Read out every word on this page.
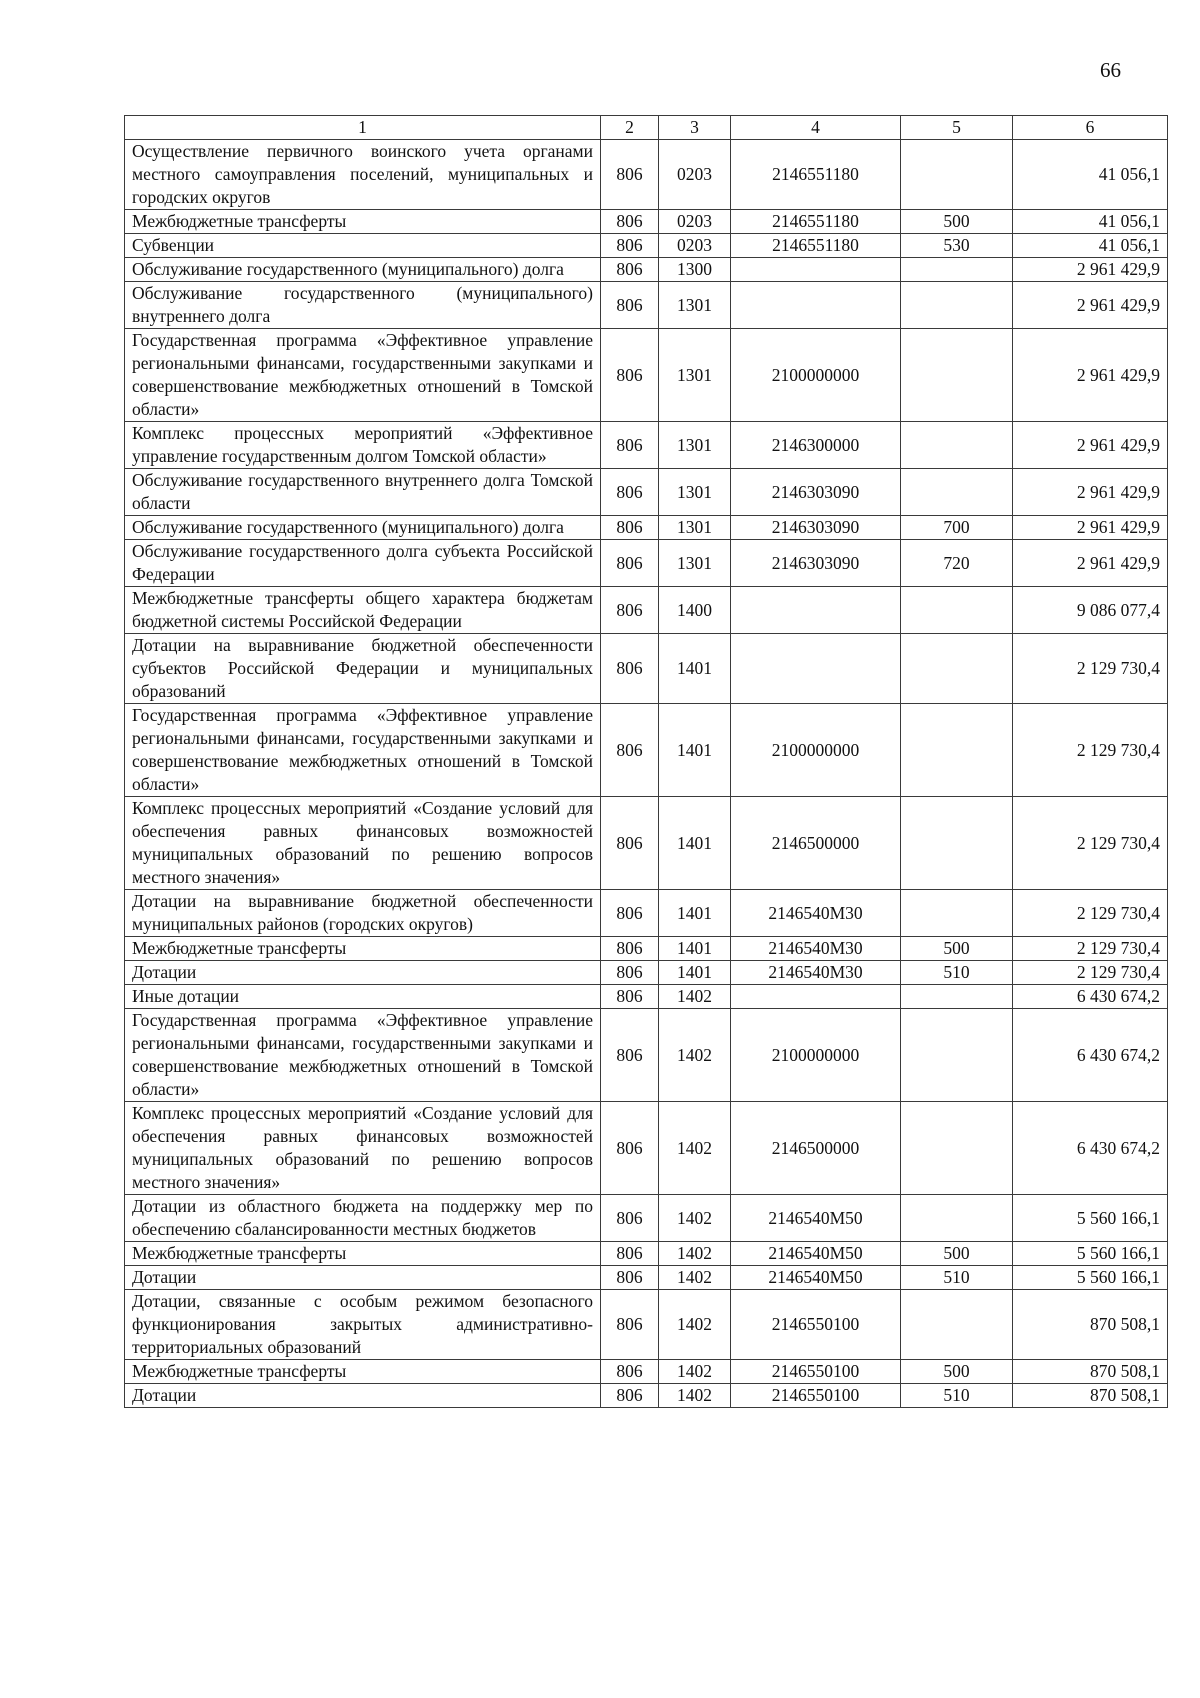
66
1	2	3	4	5	6
Осуществление первичного воинского учета органами местного самоуправления поселений, муниципальных и городских округов	806	0203	2146551180		41 056,1
Межбюджетные трансферты	806	0203	2146551180	500	41 056,1
Субвенции	806	0203	2146551180	530	41 056,1
Обслуживание государственного (муниципального) долга	806	1300			2 961 429,9
Обслуживание государственного (муниципального) внутреннего долга	806	1301			2 961 429,9
Государственная программа «Эффективное управление региональными финансами, государственными закупками и совершенствование межбюджетных отношений в Томской области»	806	1301	2100000000		2 961 429,9
Комплекс процессных мероприятий «Эффективное управление государственным долгом Томской области»	806	1301	2146300000		2 961 429,9
Обслуживание государственного внутреннего долга Томской области	806	1301	2146303090		2 961 429,9
Обслуживание государственного (муниципального) долга	806	1301	2146303090	700	2 961 429,9
Обслуживание государственного долга субъекта Российской Федерации	806	1301	2146303090	720	2 961 429,9
Межбюджетные трансферты общего характера бюджетам бюджетной системы Российской Федерации	806	1400			9 086 077,4
Дотации на выравнивание бюджетной обеспеченности субъектов Российской Федерации и муниципальных образований	806	1401			2 129 730,4
Государственная программа «Эффективное управление региональными финансами, государственными закупками и совершенствование межбюджетных отношений в Томской области»	806	1401	2100000000		2 129 730,4
Комплекс процессных мероприятий «Создание условий для обеспечения равных финансовых возможностей муниципальных образований по решению вопросов местного значения»	806	1401	2146500000		2 129 730,4
Дотации на выравнивание бюджетной обеспеченности муниципальных районов (городских округов)	806	1401	2146540M30		2 129 730,4
Межбюджетные трансферты	806	1401	2146540M30	500	2 129 730,4
Дотации	806	1401	2146540M30	510	2 129 730,4
Иные дотации	806	1402			6 430 674,2
Государственная программа «Эффективное управление региональными финансами, государственными закупками и совершенствование межбюджетных отношений в Томской области»	806	1402	2100000000		6 430 674,2
Комплекс процессных мероприятий «Создание условий для обеспечения равных финансовых возможностей муниципальных образований по решению вопросов местного значения»	806	1402	2146500000		6 430 674,2
Дотации из областного бюджета на поддержку мер по обеспечению сбалансированности местных бюджетов	806	1402	2146540M50		5 560 166,1
Межбюджетные трансферты	806	1402	2146540M50	500	5 560 166,1
Дотации	806	1402	2146540M50	510	5 560 166,1
Дотации, связанные с особым режимом безопасного функционирования закрытых административно-территориальных образований	806	1402	2146550100		870 508,1
Межбюджетные трансферты	806	1402	2146550100	500	870 508,1
Дотации	806	1402	2146550100	510	870 508,1
